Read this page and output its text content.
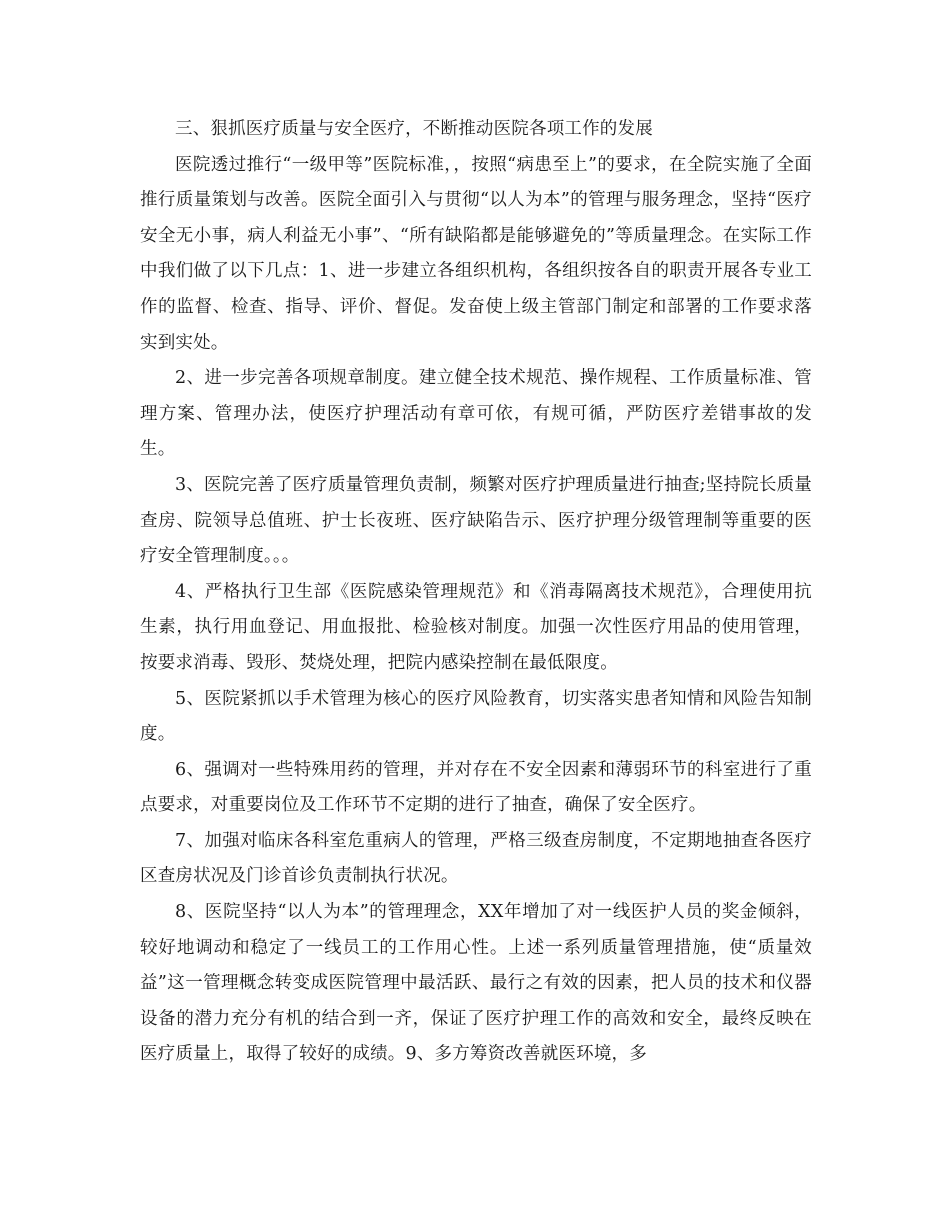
三、狠抓医疗质量与安全医疗，不断推动医院各项工作的发展

医院透过推行“一级甲等”医院标准，，按照“病患至上”的要求，在全院实施了全面推行质量策划与改善。医院全面引入与贯彻“以人为本”的管理与服务理念，坚持“医疗安全无小事，病人利益无小事”、“所有缺陷都是能够避免的”等质量理念。在实际工作中我们做了以下几点：1、进一步建立各组织机构，各组织按各自的职责开展各专业工作的监督、检查、指导、评价、督促。发奋使上级主管部门制定和部署的工作要求落实到实处。

2、进一步完善各项规章制度。建立健全技术规范、操作规程、工作质量标准、管理方案、管理办法，使医疗护理活动有章可依，有规可循，严防医疗差错事故的发生。

3、医院完善了医疗质量管理负责制，频繁对医疗护理质量进行抽查;坚持院长质量查房、院领导总值班、护士长夜班、医疗缺陷告示、医疗护理分级管理制等重要的医疗安全管理制度。。。

4、严格执行卫生部《医院感染管理规范》和《消毒隔离技术规范》，合理使用抗生素，执行用血登记、用血报批、检验核对制度。加强一次性医疗用品的使用管理，按要求消毒、毁形、焚烧处理，把院内感染控制在最低限度。

5、医院紧抓以手术管理为核心的医疗风险教育，切实落实患者知情和风险告知制度。

6、强调对一些特殊用药的管理，并对存在不安全因素和薄弱环节的科室进行了重点要求，对重要岗位及工作环节不定期的进行了抽查，确保了安全医疗。

7、加强对临床各科室危重病人的管理，严格三级查房制度，不定期地抽查各医疗区查房状况及门诊首诊负责制执行状况。

8、医院坚持“以人为本”的管理理念，XX年增加了对一线医护人员的奖金倾斜，较好地调动和稳定了一线员工的工作用心性。上述一系列质量管理措施，使“质量效益”这一管理概念转变成医院管理中最活跃、最行之有效的因素，把人员的技术和仪器设备的潜力充分有机的结合到一齐，保证了医疗护理工作的高效和安全，最终反映在医疗质量上，取得了较好的成绩。9、多方筹资改善就医环境，多
